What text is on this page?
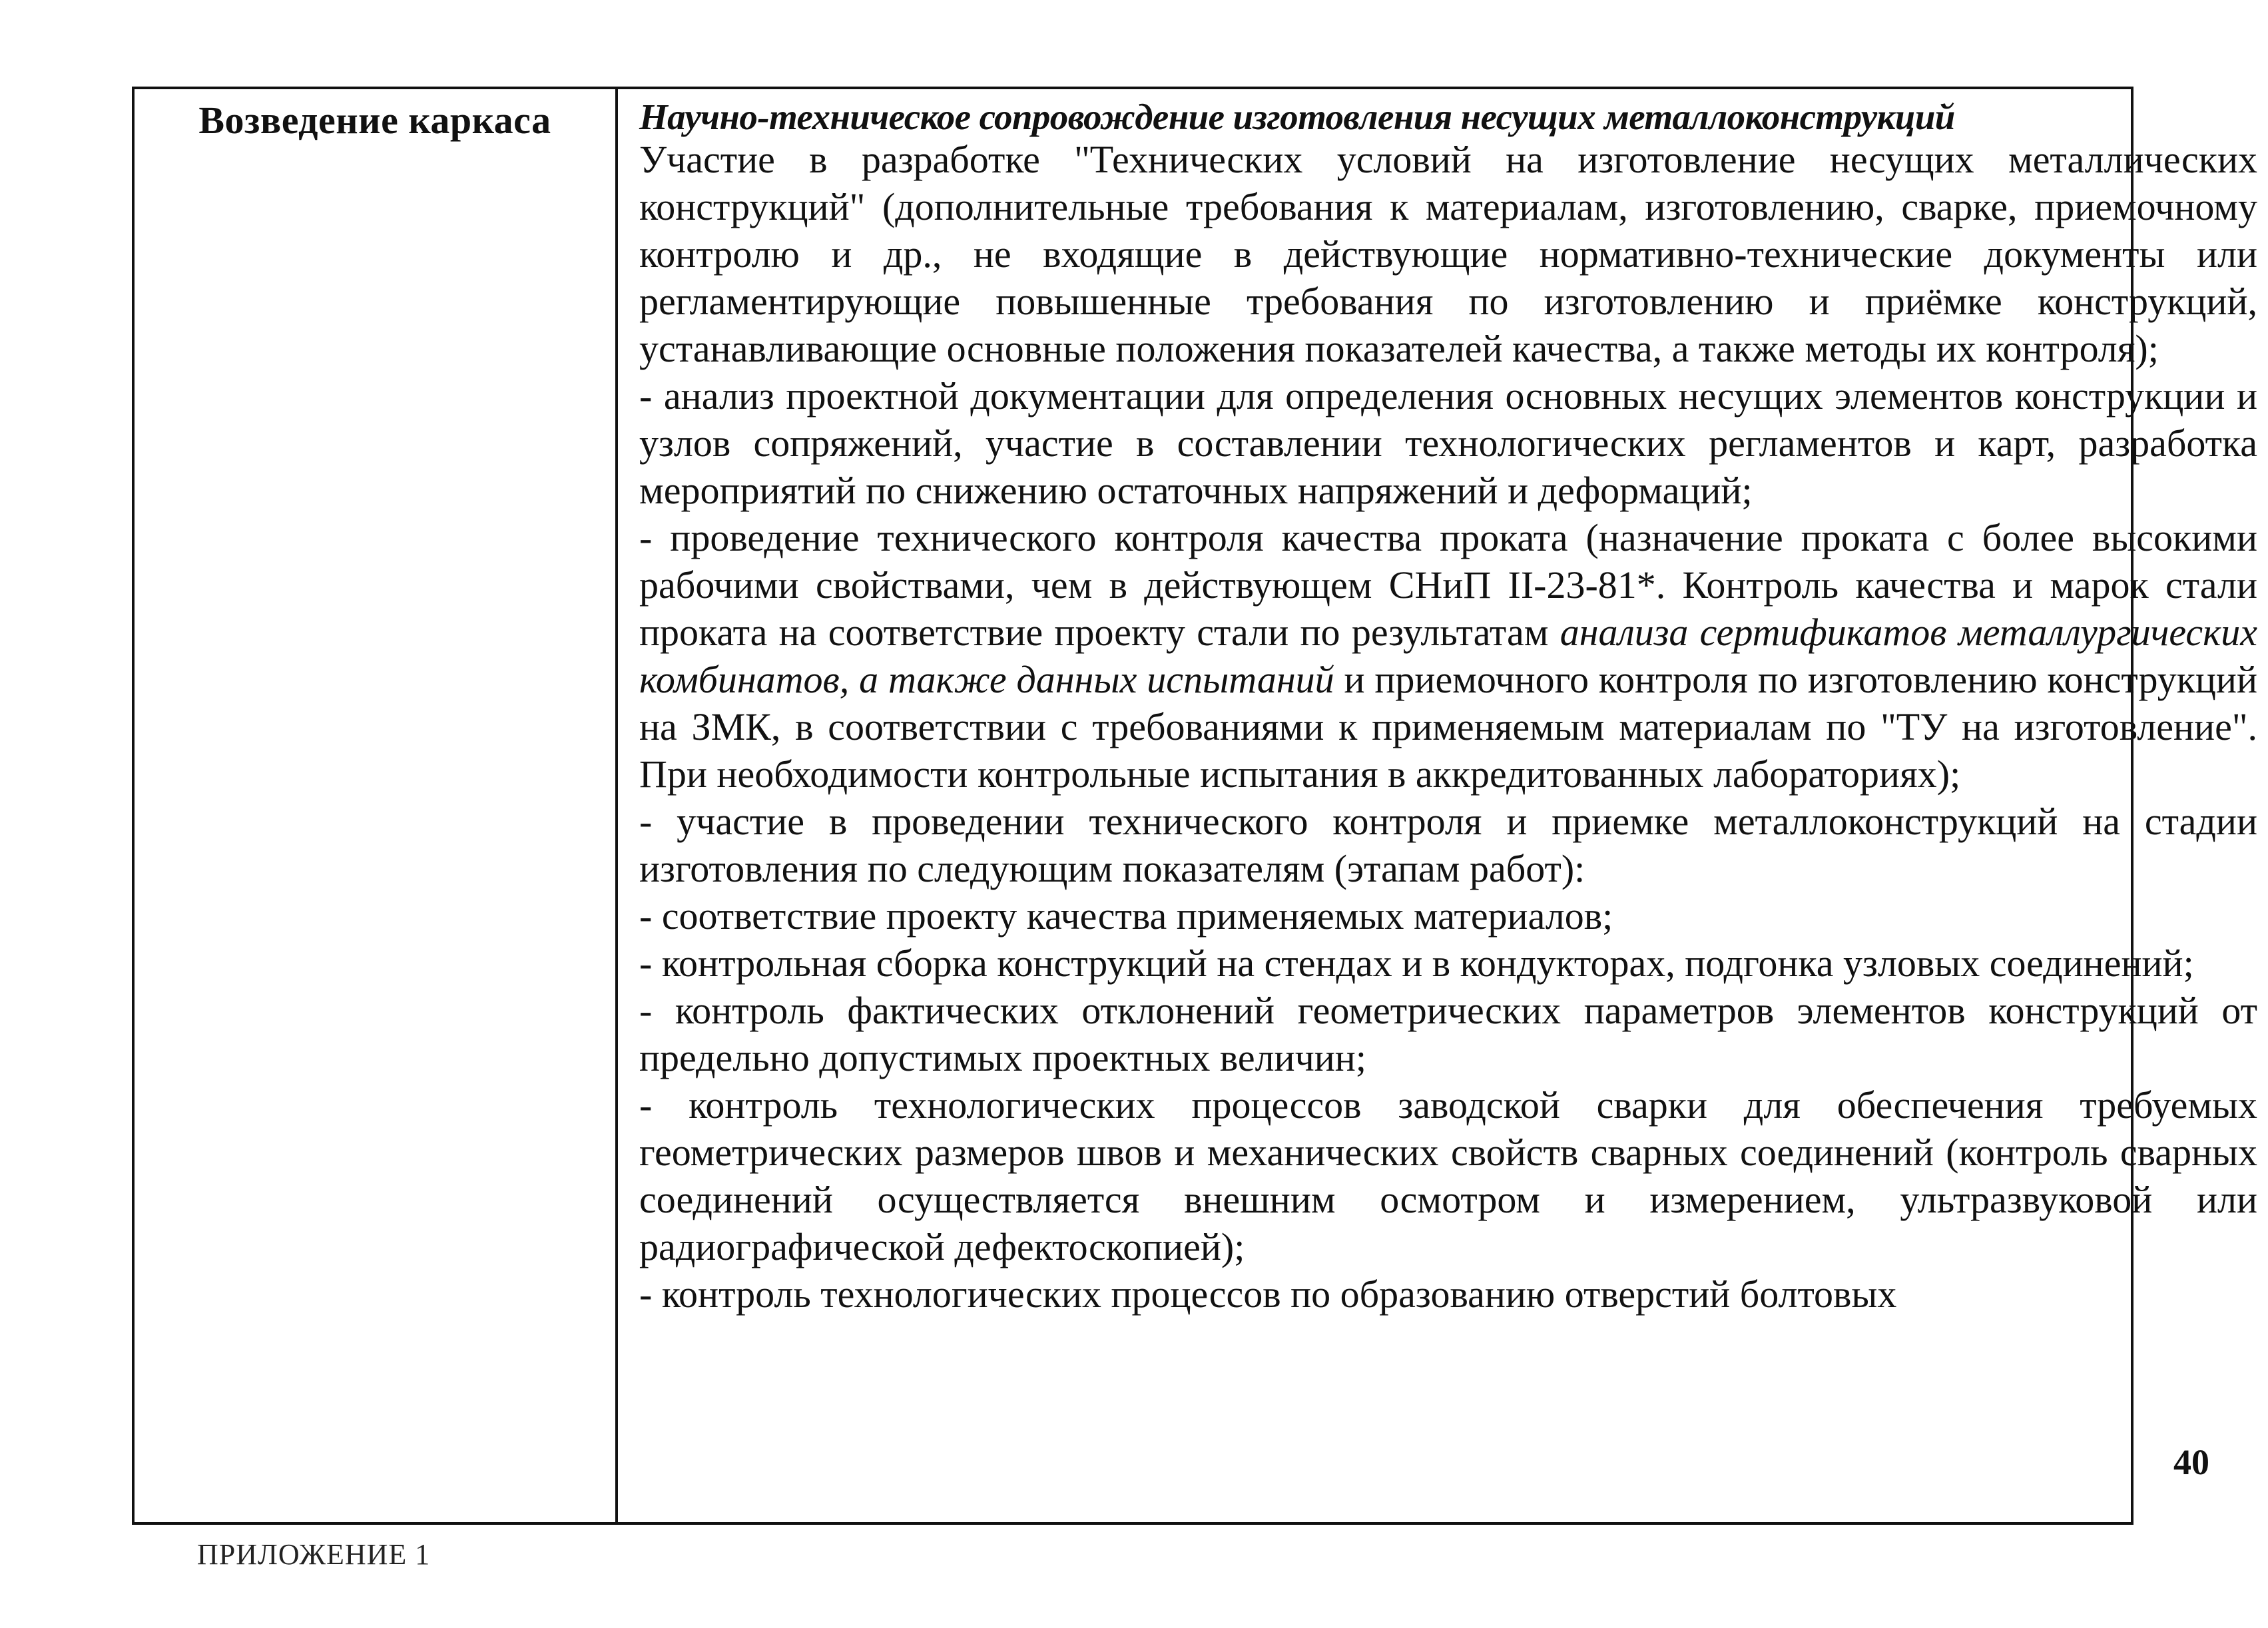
Возведение каркаса	Научно-техническое сопровождение изготовления несущих металлоконструкций

Участие в разработке "Технических условий на изготовление несущих металлических конструкций" (дополнительные требования к материалам, изготовлению, сварке, приемочному контролю и др., не входящие в действующие нормативно-технические документы или регламентирующие повышенные требования по изготовлению и приёмке конструкций, устанавливающие основные положения показателей качества, а также методы их контроля);

- анализ проектной документации для определения основных несущих элементов конструкции и узлов сопряжений, участие в составлении технологических регламентов и карт, разработка мероприятий по снижению остаточных напряжений и деформаций;

- проведение технического контроля качества проката (назначение проката с более высокими рабочими свойствами, чем в действующем СНиП II-23-81*. Контроль качества и марок стали проката на соответствие проекту стали по результатам анализа сертификатов металлургических комбинатов, а также данных испытаний и приемочного контроля по изготовлению конструкций на ЗМК, в соответствии с требованиями к применяемым материалам по "ТУ на изготовление". При необходимости контрольные испытания в аккредитованных лабораториях);

- участие в проведении технического контроля и приемке металлоконструкций на стадии изготовления по следующим показателям (этапам работ):

- соответствие проекту качества применяемых материалов;

- контрольная сборка конструкций на стендах и в кондукторах, подгонка узловых соединений;

- контроль фактических отклонений геометрических параметров элементов конструкций от предельно допустимых проектных величин;

- контроль технологических процессов заводской сварки для обеспечения требуемых геометрических размеров швов и механических свойств сварных соединений (контроль сварных соединений осуществляется внешним осмотром и измерением, ультразвуковой или радиографической дефектоскопией);

- контроль технологических процессов по образованию отверстий болтовых

40
ПРИЛОЖЕНИЕ 1
